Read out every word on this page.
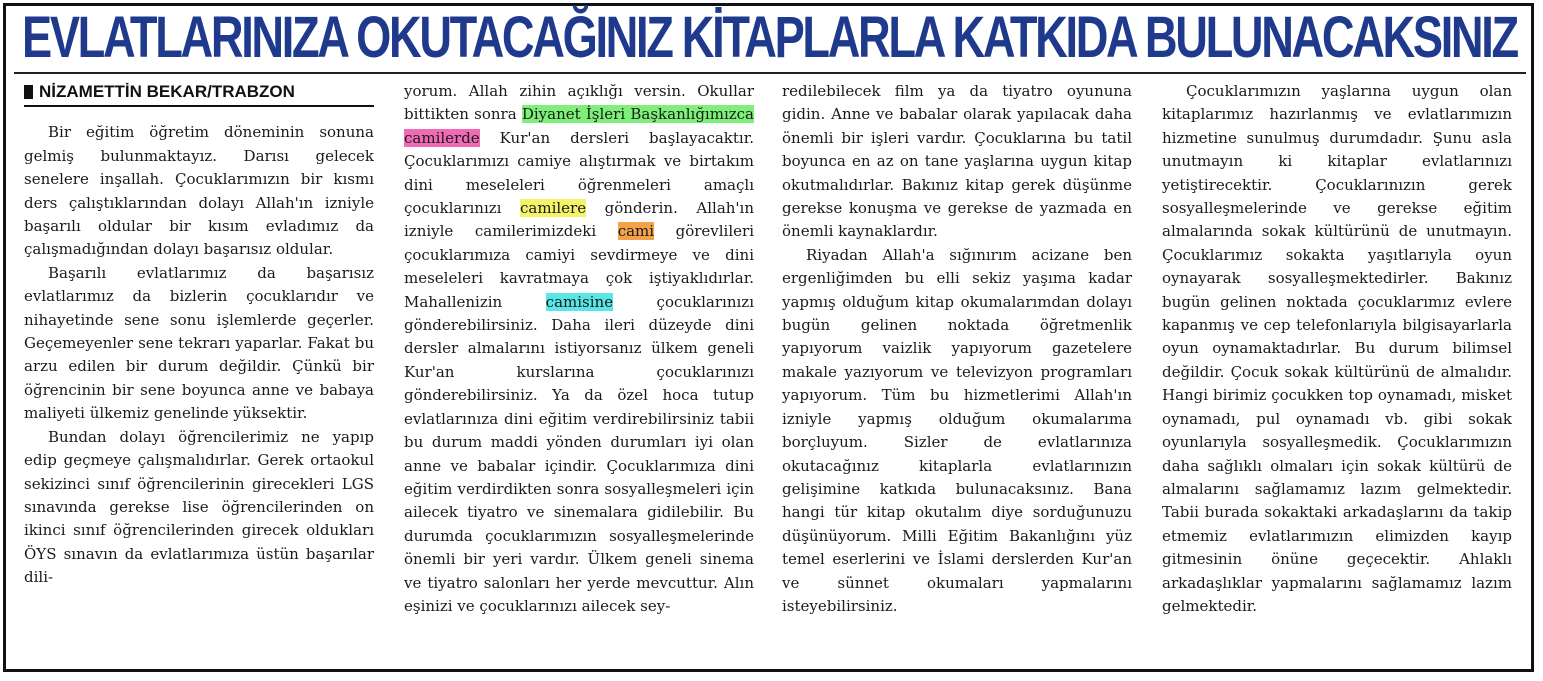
EVLATLARINIZA OKUTACAĞINIZ KİTAPLARLA KATKIDA BULUNACAKSINIZ
NİZAMETTİN BEKAR/TRABZON

Bir eğitim öğretim döneminin sonuna gelmiş bulunmaktayız. Darısı gelecek senelere inşallah. Çocuklarımızın bir kısmı ders çalıştıklarından dolayı Allah'ın izniyle başarılı oldular bir kısım evladımız da çalışmadığından dolayı başarısız oldular.

Başarılı evlatlarımız da başarısız evlatlarımız da bizlerin çocuklarıdır ve nihayetinde sene sonu işlemlerde geçerler. Geçemeyenler sene tekrarı yaparlar. Fakat bu arzu edilen bir durum değildir. Çünkü bir öğrencinin bir sene boyunca anne ve babaya maliyeti ülkemiz genelinde yüksektir.

Bundan dolayı öğrencilerimiz ne yapıp edip geçmeye çalışmalıdırlar. Gerek ortaokul sekizinci sınıf öğrencilerinin girecekleri LGS sınavında gerekse lise öğrencilerinden on ikinci sınıf öğrencilerinden girecek oldukları ÖYS sınavın da evlatlarımıza üstün başarılar dili-

yorum. Allah zihin açıklığı versin. Okullar bittikten sonra Diyanet İşleri Başkanlığımızca camilerde Kur'an dersleri başlayacaktır. Çocuklarımızı camiye alıştırmak ve birtakım dini meseleleri öğrenmeleri amaçlı çocuklarınızı camilere gönderin. Allah'ın izniyle camilerimizdeki cami görevlileri çocuklarımıza camiyi sevdirmeye ve dini meseleleri kavratmaya çok iştiyaklıdırlar. Mahallenizin camisine çocuklarınızı gönderebilirsiniz. Daha ileri düzeyde dini dersler almalarını istiyorsanız ülkem geneli Kur'an kurslarına çocuklarınızı gönderebilirsiniz. Ya da özel hoca tutup evlatlarınıza dini eğitim verdirebilirsiniz tabii bu durum maddi yönden durumları iyi olan anne ve babalar içindir. Çocuklarımıza dini eğitim verdirdikten sonra sosyalleşmeleri için ailecek tiyatro ve sinemalara gidilebilir. Bu durumda çocuklarımızın sosyalleşmelerinde önemli bir yeri vardır. Ülkem geneli sinema ve tiyatro salonları her yerde mevcuttur. Alın eşinizi ve çocuklarınızı ailecek sey-

redilebilecek film ya da tiyatro oyununa gidin. Anne ve babalar olarak yapılacak daha önemli bir işleri vardır. Çocuklarına bu tatil boyunca en az on tane yaşlarına uygun kitap okutmalıdırlar. Bakınız kitap gerek düşünme gerekse konuşma ve gerekse de yazmada en önemli kaynaklardır.

Riyadan Allah'a sığınırım acizane ben ergenliğimden bu elli sekiz yaşıma kadar yapmış olduğum kitap okumalarımdan dolayı bugün gelinen noktada öğretmenlik yapıyorum vaizlik yapıyorum gazetelere makale yazıyorum ve televizyon programları yapıyorum. Tüm bu hizmetlerimi Allah'ın izniyle yapmış olduğum okumalarıma borçluyum. Sizler de evlatlarınıza okutacağınız kitaplarla evlatlarınızın gelişimine katkıda bulunacaksınız. Bana hangi tür kitap okutalım diye sorduğunuzu düşünüyorum. Milli Eğitim Bakanlığını yüz temel eserlerini ve İslami derslerden Kur'an ve sünnet okumaları yapmalarını isteyebilirsiniz.

Çocuklarımızın yaşlarına uygun olan kitaplarımız hazırlanmış ve evlatlarımızın hizmetine sunulmuş durumdadır. Şunu asla unutmayın ki kitaplar evlatlarınızı yetiştirecektir. Çocuklarınızın gerek sosyalleşmelerinde ve gerekse eğitim almalarında sokak kültürünü de unutmayın. Çocuklarımız sokakta yaşıtlarıyla oyun oynayarak sosyalleşmektedirler. Bakınız bugün gelinen noktada çocuklarımız evlere kapanmış ve cep telefonlarıyla bilgisayarlarla oyun oynamaktadırlar. Bu durum bilimsel değildir. Çocuk sokak kültürünü de almalıdır. Hangi birimiz çocukken top oynamadı, misket oynamadı, pul oynamadı vb. gibi sokak oyunlarıyla sosyalleşmedik. Çocuklarımızın daha sağlıklı olmaları için sokak kültürü de almalarını sağlamamız lazım gelmektedir. Tabii burada sokaktaki arkadaşlarını da takip etmemiz evlatlarımızın elimizden kayıp gitmesinin önüne geçecektir. Ahlaklı arkadaşlıklar yapmalarını sağlamamız lazım gelmektedir.
